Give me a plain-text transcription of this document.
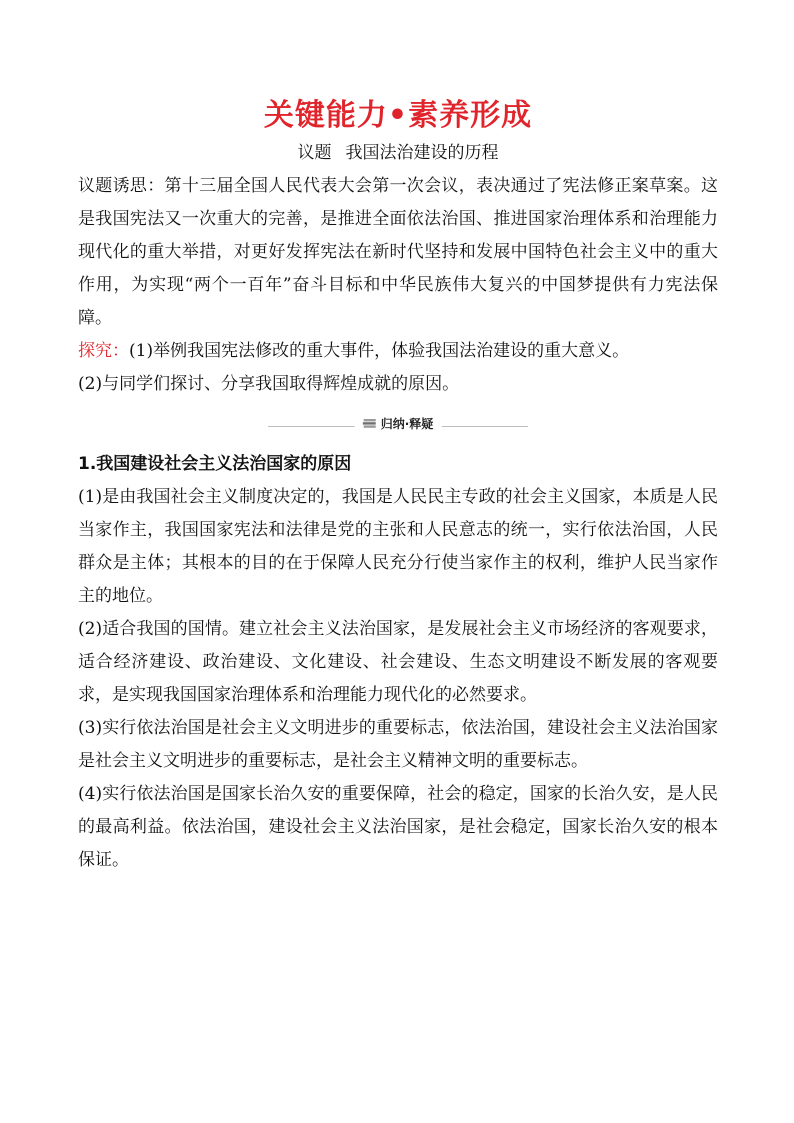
关键能力•素养形成
议题 我国法治建设的历程

议题诱思：第十三届全国人民代表大会第一次会议，表决通过了宪法修正案草案。这是我国宪法又一次重大的完善，是推进全面依法治国、推进国家治理体系和治理能力现代化的重大举措，对更好发挥宪法在新时代坚持和发展中国特色社会主义中的重大作用，为实现“两个一百年”奋斗目标和中华民族伟大复兴的中国梦提供有力宪法保障。

探究：(1)举例我国宪法修改的重大事件，体验我国法治建设的重大意义。

(2)与同学们探讨、分享我国取得辉煌成就的原因。

归纳·释疑
1.我国建设社会主义法治国家的原因

(1)是由我国社会主义制度决定的，我国是人民民主专政的社会主义国家，本质是人民当家作主，我国国家宪法和法律是党的主张和人民意志的统一，实行依法治国，人民群众是主体；其根本的目的在于保障人民充分行使当家作主的权利，维护人民当家作主的地位。

(2)适合我国的国情。建立社会主义法治国家，是发展社会主义市场经济的客观要求，适合经济建设、政治建设、文化建设、社会建设、生态文明建设不断发展的客观要求，是实现我国国家治理体系和治理能力现代化的必然要求。

(3)实行依法治国是社会主义文明进步的重要标志，依法治国，建设社会主义法治国家是社会主义文明进步的重要标志，是社会主义精神文明的重要标志。

(4)实行依法治国是国家长治久安的重要保障，社会的稳定，国家的长治久安，是人民的最高利益。依法治国，建设社会主义法治国家，是社会稳定，国家长治久安的根本保证。
